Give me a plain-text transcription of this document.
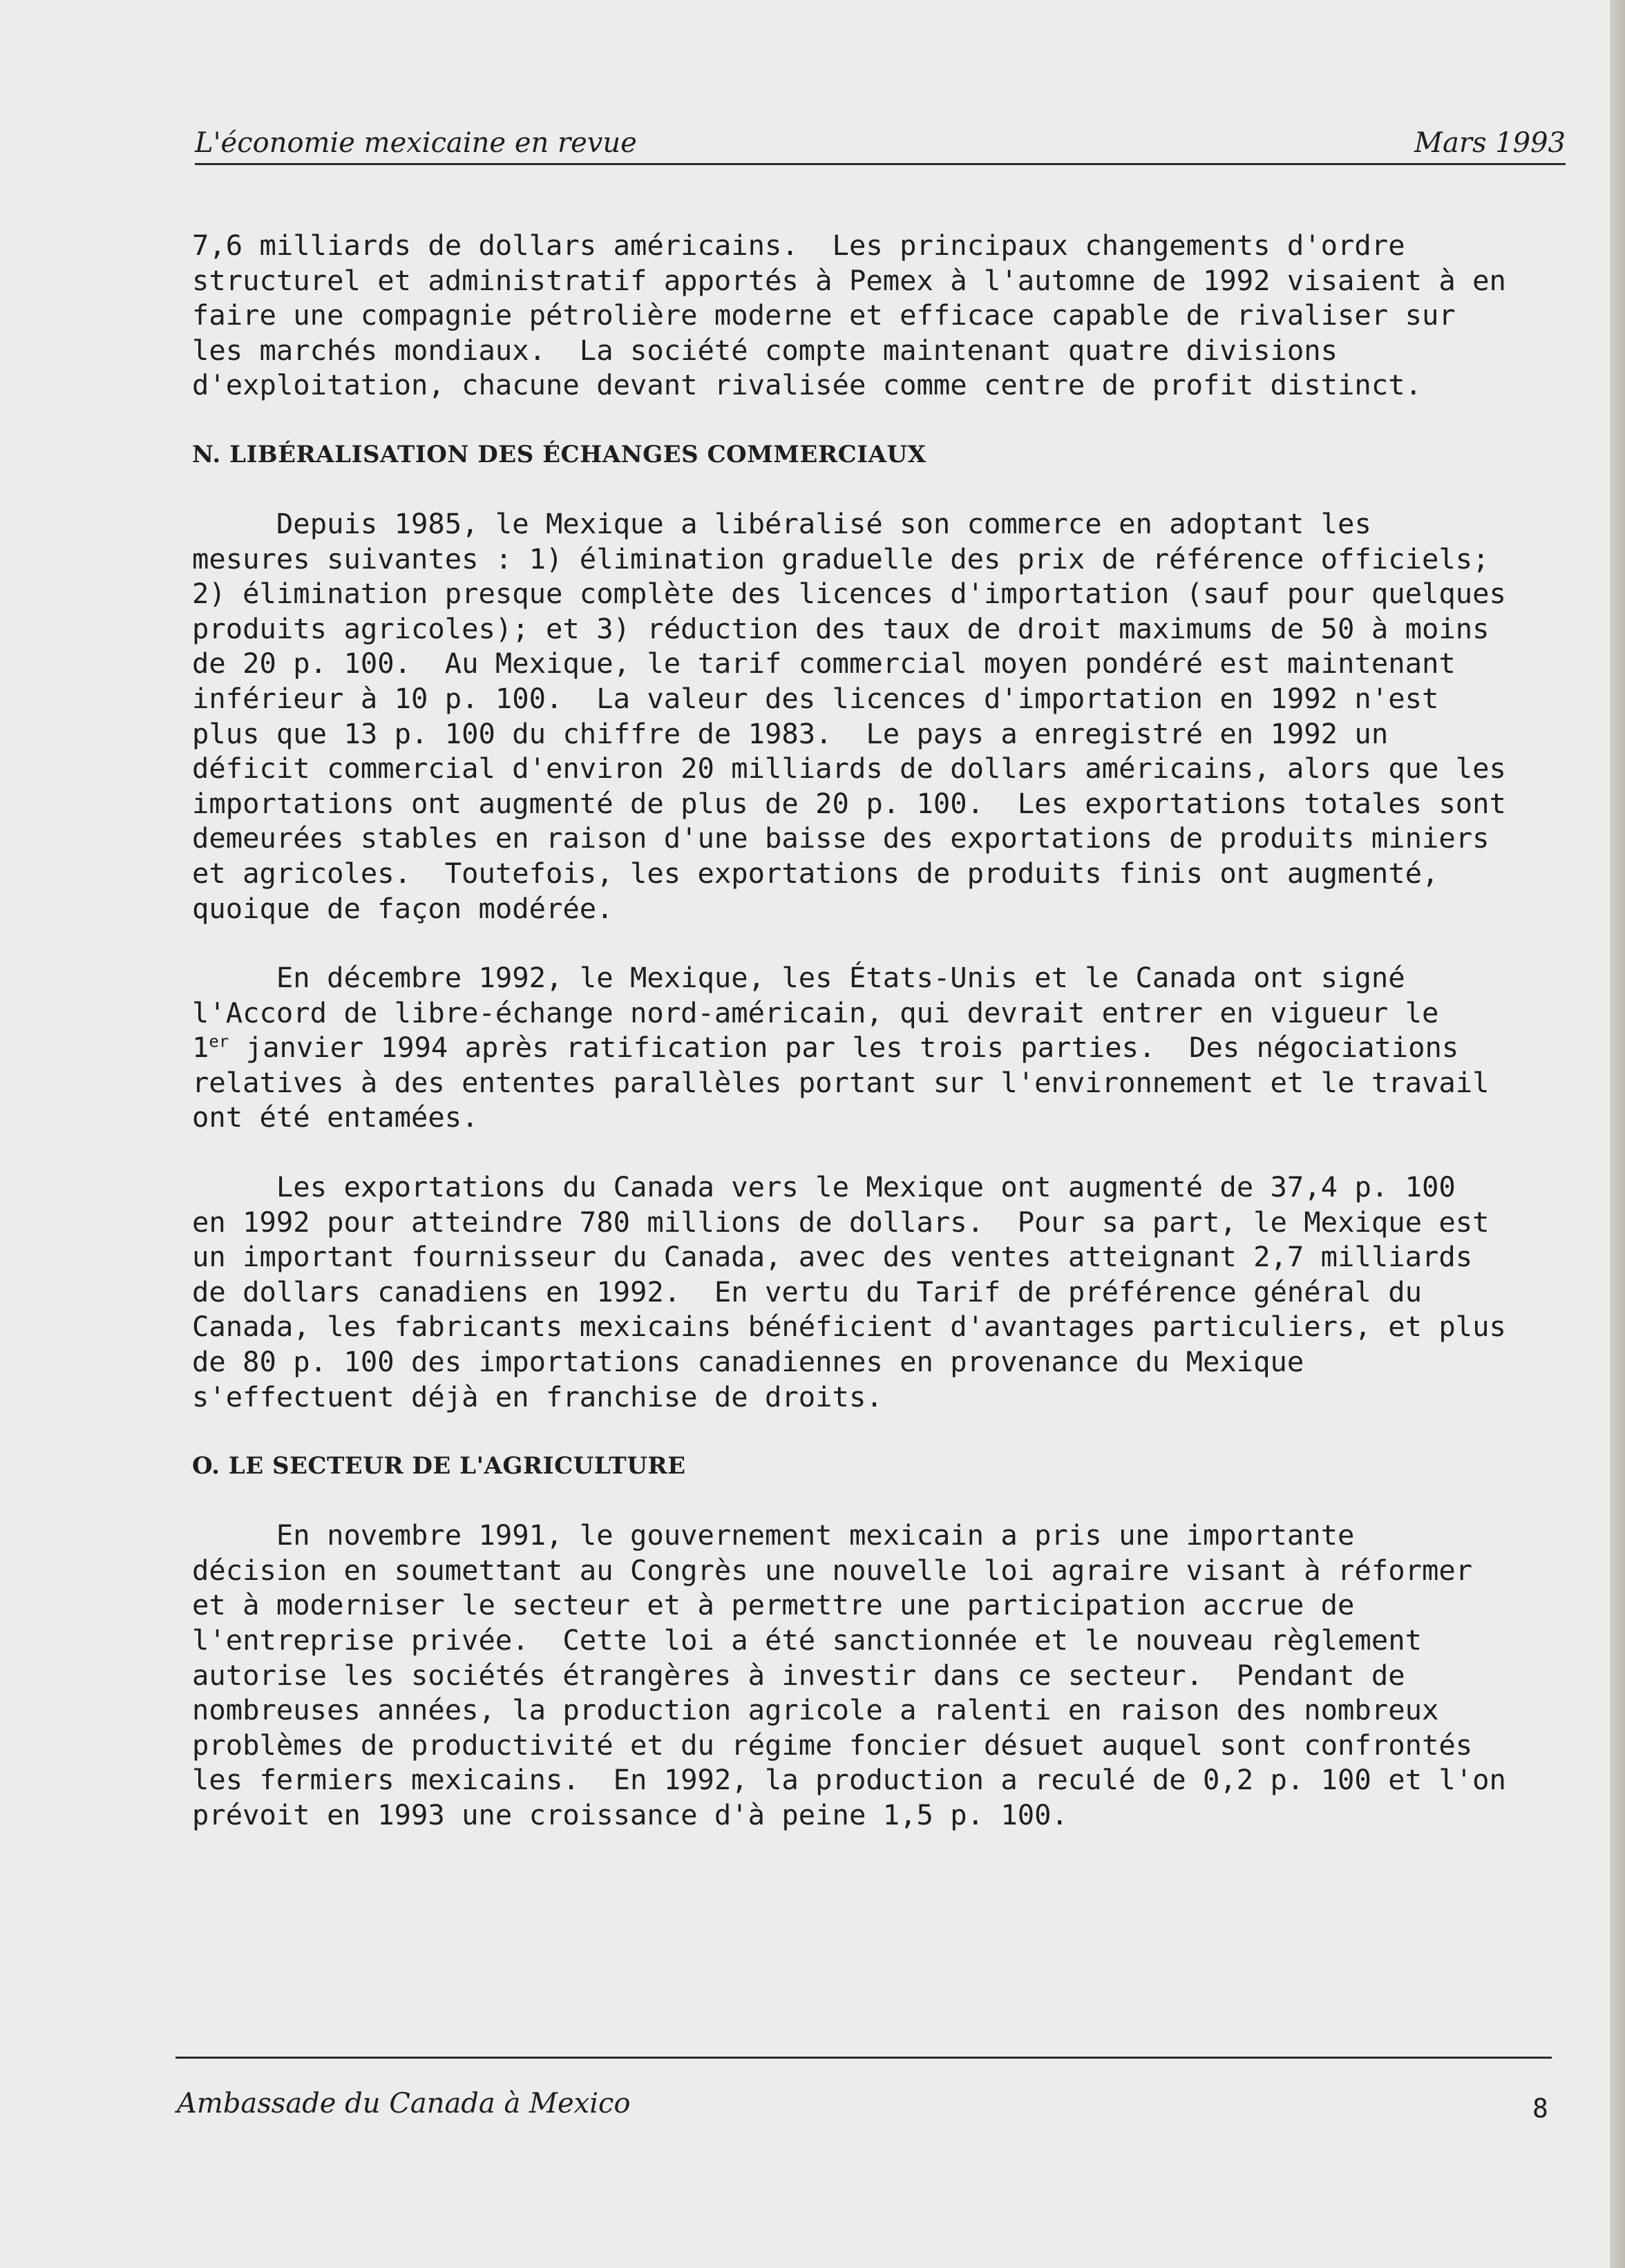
L'économie mexicaine en revue	Mars 1993

7,6 milliards de dollars américains.  Les principaux changements d'ordre
structurel et administratif apportés à Pemex à l'automne de 1992 visaient à en
faire une compagnie pétrolière moderne et efficace capable de rivaliser sur
les marchés mondiaux.  La société compte maintenant quatre divisions
d'exploitation, chacune devant rivalisée comme centre de profit distinct.

N. LIBÉRALISATION DES ÉCHANGES COMMERCIAUX

Depuis 1985, le Mexique a libéralisé son commerce en adoptant les
mesures suivantes : 1) élimination graduelle des prix de référence officiels;
2) élimination presque complète des licences d'importation (sauf pour quelques
produits agricoles); et 3) réduction des taux de droit maximums de 50 à moins
de 20 p. 100.  Au Mexique, le tarif commercial moyen pondéré est maintenant
inférieur à 10 p. 100.  La valeur des licences d'importation en 1992 n'est
plus que 13 p. 100 du chiffre de 1983.  Le pays a enregistré en 1992 un
déficit commercial d'environ 20 milliards de dollars américains, alors que les
importations ont augmenté de plus de 20 p. 100.  Les exportations totales sont
demeurées stables en raison d'une baisse des exportations de produits miniers
et agricoles.  Toutefois, les exportations de produits finis ont augmenté,
quoique de façon modérée.

En décembre 1992, le Mexique, les États-Unis et le Canada ont signé
l'Accord de libre-échange nord-américain, qui devrait entrer en vigueur le
1er janvier 1994 après ratification par les trois parties.  Des négociations
relatives à des ententes parallèles portant sur l'environnement et le travail
ont été entamées.

Les exportations du Canada vers le Mexique ont augmenté de 37,4 p. 100
en 1992 pour atteindre 780 millions de dollars.  Pour sa part, le Mexique est
un important fournisseur du Canada, avec des ventes atteignant 2,7 milliards
de dollars canadiens en 1992.  En vertu du Tarif de préférence général du
Canada, les fabricants mexicains bénéficient d'avantages particuliers, et plus
de 80 p. 100 des importations canadiennes en provenance du Mexique
s'effectuent déjà en franchise de droits.

O. LE SECTEUR DE L'AGRICULTURE

En novembre 1991, le gouvernement mexicain a pris une importante
décision en soumettant au Congrès une nouvelle loi agraire visant à réformer
et à moderniser le secteur et à permettre une participation accrue de
l'entreprise privée.  Cette loi a été sanctionnée et le nouveau règlement
autorise les sociétés étrangères à investir dans ce secteur.  Pendant de
nombreuses années, la production agricole a ralenti en raison des nombreux
problèmes de productivité et du régime foncier désuet auquel sont confrontés
les fermiers mexicains.  En 1992, la production a reculé de 0,2 p. 100 et l'on
prévoit en 1993 une croissance d'à peine 1,5 p. 100.

Ambassade du Canada à Mexico	8
